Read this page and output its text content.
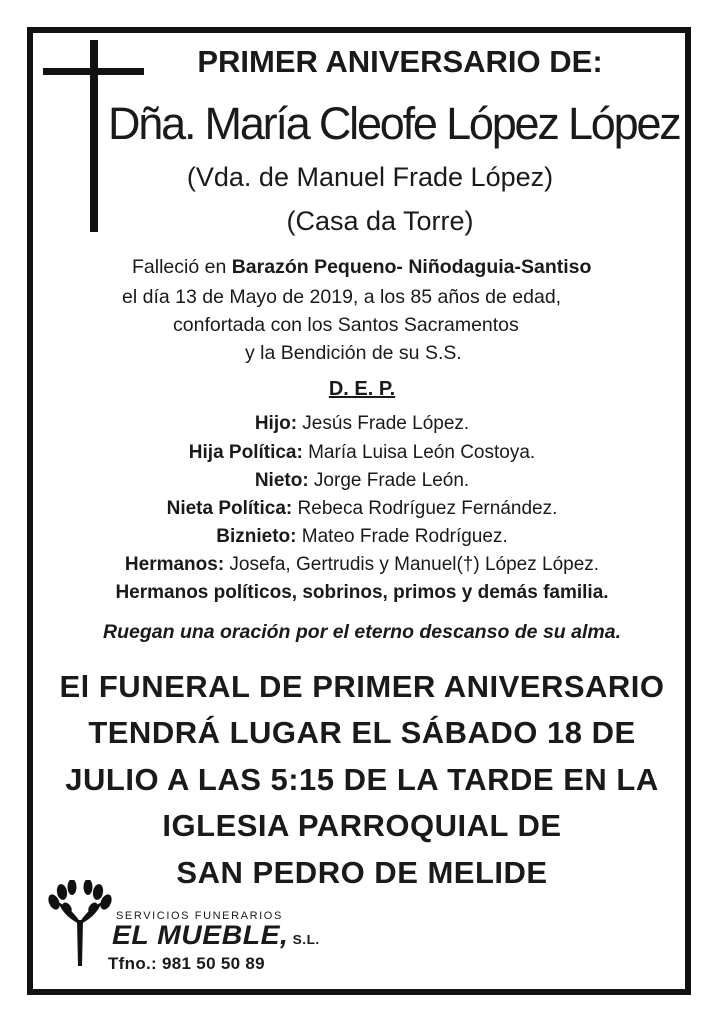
PRIMER ANIVERSARIO DE:
Dña. María Cleofe López López
(Vda. de Manuel Frade López)
(Casa da Torre)
Falleció en Barazón Pequeno- Niñodaguia-Santiso
el día 13 de Mayo de 2019, a los 85 años de edad,
confortada con los Santos Sacramentos
y la Bendición de su S.S.
D. E. P.
Hijo: Jesús Frade López.
Hija Política: María Luisa León Costoya.
Nieto: Jorge Frade León.
Nieta Política: Rebeca Rodríguez Fernández.
Biznieto: Mateo Frade Rodríguez.
Hermanos: Josefa, Gertrudis y Manuel(†) López López.
Hermanos políticos, sobrinos, primos y demás familia.
Ruegan una oración por el eterno descanso de su alma.
El FUNERAL DE PRIMER ANIVERSARIO
TENDRÁ LUGAR EL SÁBADO 18 DE
JULIO A LAS 5:15 DE LA TARDE EN LA
IGLESIA PARROQUIAL DE
SAN PEDRO DE MELIDE
SERVICIOS FUNERARIOS
EL MUEBLE, S.L.
Tfno.: 981 50 50 89
